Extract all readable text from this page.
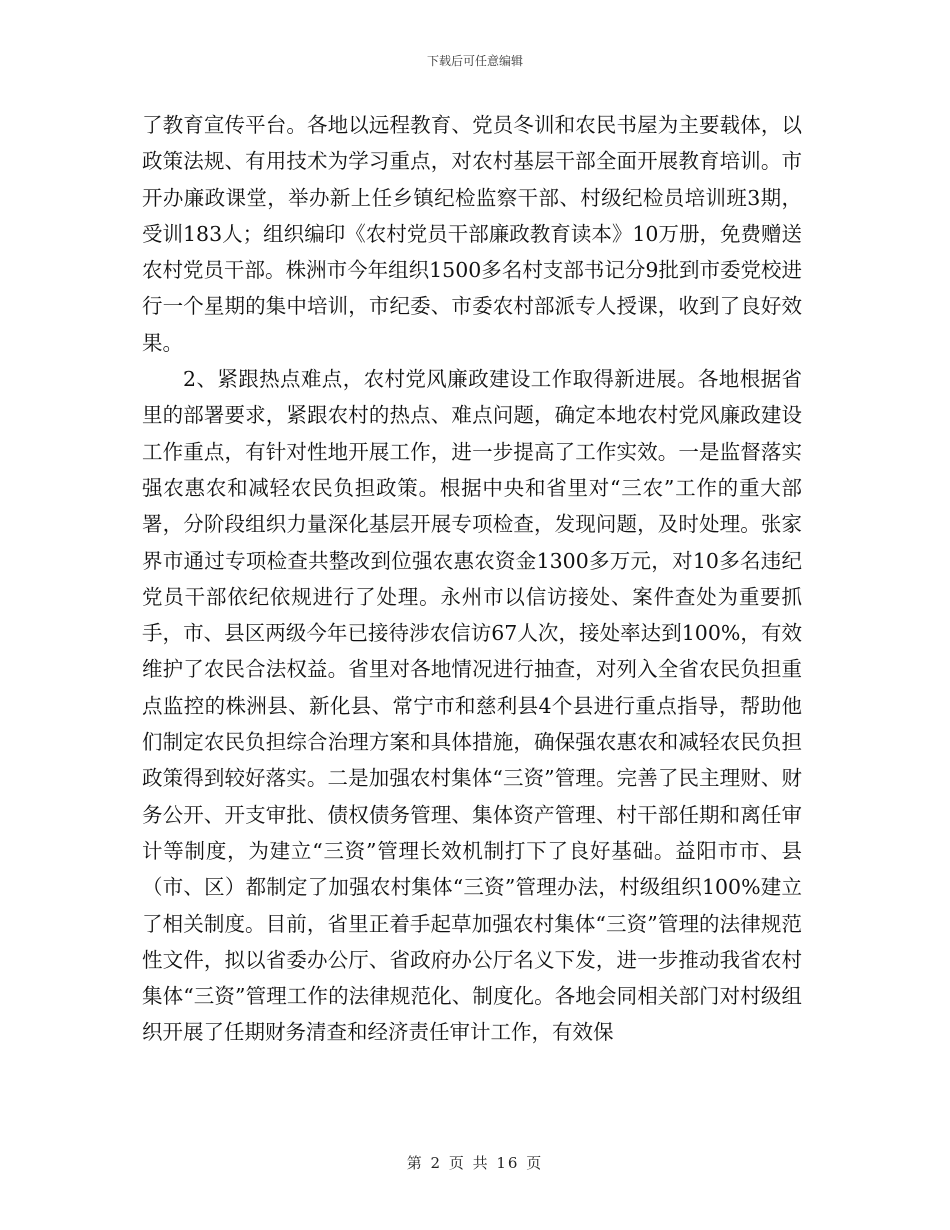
下载后可任意编辑

了教育宣传平台。各地以远程教育、党员冬训和农民书屋为主要载体，以政策法规、有用技术为学习重点，对农村基层干部全面开展教育培训。市开办廉政课堂，举办新上任乡镇纪检监察干部、村级纪检员培训班3期，受训183人；组织编印《农村党员干部廉政教育读本》10万册，免费赠送农村党员干部。株洲市今年组织1500多名村支部书记分9批到市委党校进行一个星期的集中培训，市纪委、市委农村部派专人授课，收到了良好效果。

2、紧跟热点难点，农村党风廉政建设工作取得新进展。各地根据省里的部署要求，紧跟农村的热点、难点问题，确定本地农村党风廉政建设工作重点，有针对性地开展工作，进一步提高了工作实效。一是监督落实强农惠农和减轻农民负担政策。根据中央和省里对“三农”工作的重大部署，分阶段组织力量深化基层开展专项检查，发现问题，及时处理。张家界市通过专项检查共整改到位强农惠农资金1300多万元，对10多名违纪党员干部依纪依规进行了处理。永州市以信访接处、案件查处为重要抓手，市、县区两级今年已接待涉农信访67人次，接处率达到100%，有效维护了农民合法权益。省里对各地情况进行抽查，对列入全省农民负担重点监控的株洲县、新化县、常宁市和慈利县4个县进行重点指导，帮助他们制定农民负担综合治理方案和具体措施，确保强农惠农和减轻农民负担政策得到较好落实。二是加强农村集体“三资”管理。完善了民主理财、财务公开、开支审批、债权债务管理、集体资产管理、村干部任期和离任审计等制度，为建立“三资”管理长效机制打下了良好基础。益阳市市、县（市、区）都制定了加强农村集体“三资”管理办法，村级组织100%建立了相关制度。目前，省里正着手起草加强农村集体“三资”管理的法律规范性文件，拟以省委办公厅、省政府办公厅名义下发，进一步推动我省农村集体“三资”管理工作的法律规范化、制度化。各地会同相关部门对村级组织开展了任期财务清查和经济责任审计工作，有效保

第 2 页 共 16 页
